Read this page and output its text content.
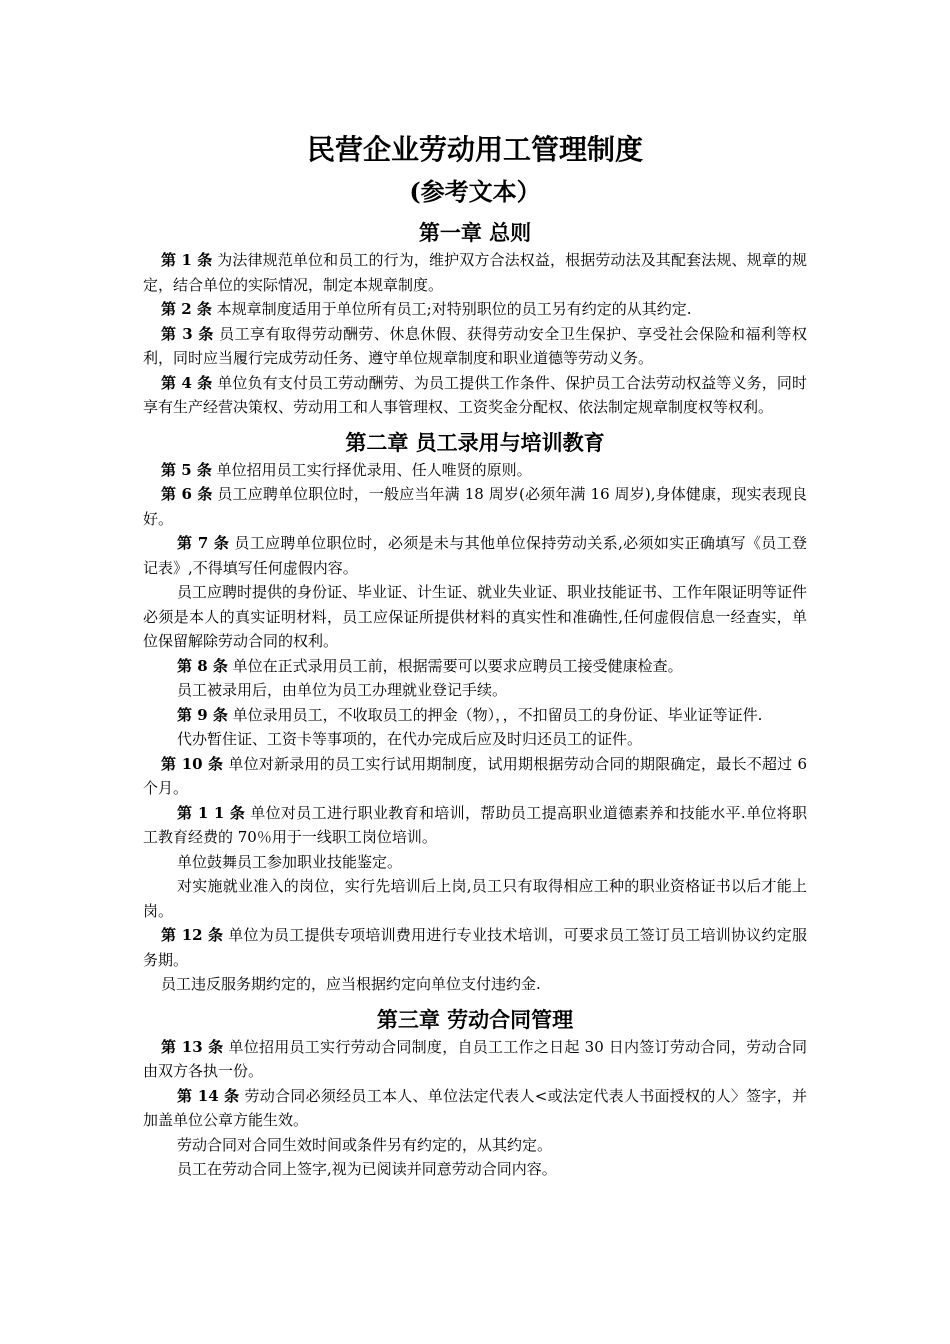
民营企业劳动用工管理制度
(参考文本）
第一章 总则

第 1 条 为法律规范单位和员工的行为，维护双方合法权益，根据劳动法及其配套法规、规章的规定，结合单位的实际情况，制定本规章制度。

第 2 条 本规章制度适用于单位所有员工;对特别职位的员工另有约定的从其约定.

第 3 条 员工享有取得劳动酬劳、休息休假、获得劳动安全卫生保护、享受社会保险和福利等权利，同时应当履行完成劳动任务、遵守单位规章制度和职业道德等劳动义务。

第 4 条 单位负有支付员工劳动酬劳、为员工提供工作条件、保护员工合法劳动权益等义务，同时享有生产经营决策权、劳动用工和人事管理权、工资奖金分配权、依法制定规章制度权等权利。

第二章 员工录用与培训教育

第 5 条 单位招用员工实行择优录用、任人唯贤的原则。

第 6 条 员工应聘单位职位时，一般应当年满 18 周岁(必须年满 16 周岁),身体健康，现实表现良好。

第 7 条 员工应聘单位职位时，必须是未与其他单位保持劳动关系,必须如实正确填写《员工登记表》,不得填写任何虚假内容。

员工应聘时提供的身份证、毕业证、计生证、就业失业证、职业技能证书、工作年限证明等证件必须是本人的真实证明材料，员工应保证所提供材料的真实性和准确性,任何虚假信息一经查实，单位保留解除劳动合同的权利。

第 8 条 单位在正式录用员工前，根据需要可以要求应聘员工接受健康检查。

员工被录用后，由单位为员工办理就业登记手续。

第 9 条 单位录用员工，不收取员工的押金（物），，不扣留员工的身份证、毕业证等证件.

代办暂住证、工资卡等事项的，在代办完成后应及时归还员工的证件。

第 10 条 单位对新录用的员工实行试用期制度，试用期根据劳动合同的期限确定，最长不超过 6 个月。

第 1 1 条 单位对员工进行职业教育和培训，帮助员工提高职业道德素养和技能水平.单位将职工教育经费的 70％用于一线职工岗位培训。

单位鼓舞员工参加职业技能鉴定。

对实施就业准入的岗位，实行先培训后上岗,员工只有取得相应工种的职业资格证书以后才能上岗。

第 12 条 单位为员工提供专项培训费用进行专业技术培训，可要求员工签订员工培训协议约定服务期。

员工违反服务期约定的，应当根据约定向单位支付违约金.

第三章 劳动合同管理

第 13 条 单位招用员工实行劳动合同制度，自员工工作之日起 30 日内签订劳动合同，劳动合同由双方各执一份。

第 14 条 劳动合同必须经员工本人、单位法定代表人<或法定代表人书面授权的人〉签字，并加盖单位公章方能生效。

劳动合同对合同生效时间或条件另有约定的，从其约定。

员工在劳动合同上签字,视为已阅读并同意劳动合同内容。
